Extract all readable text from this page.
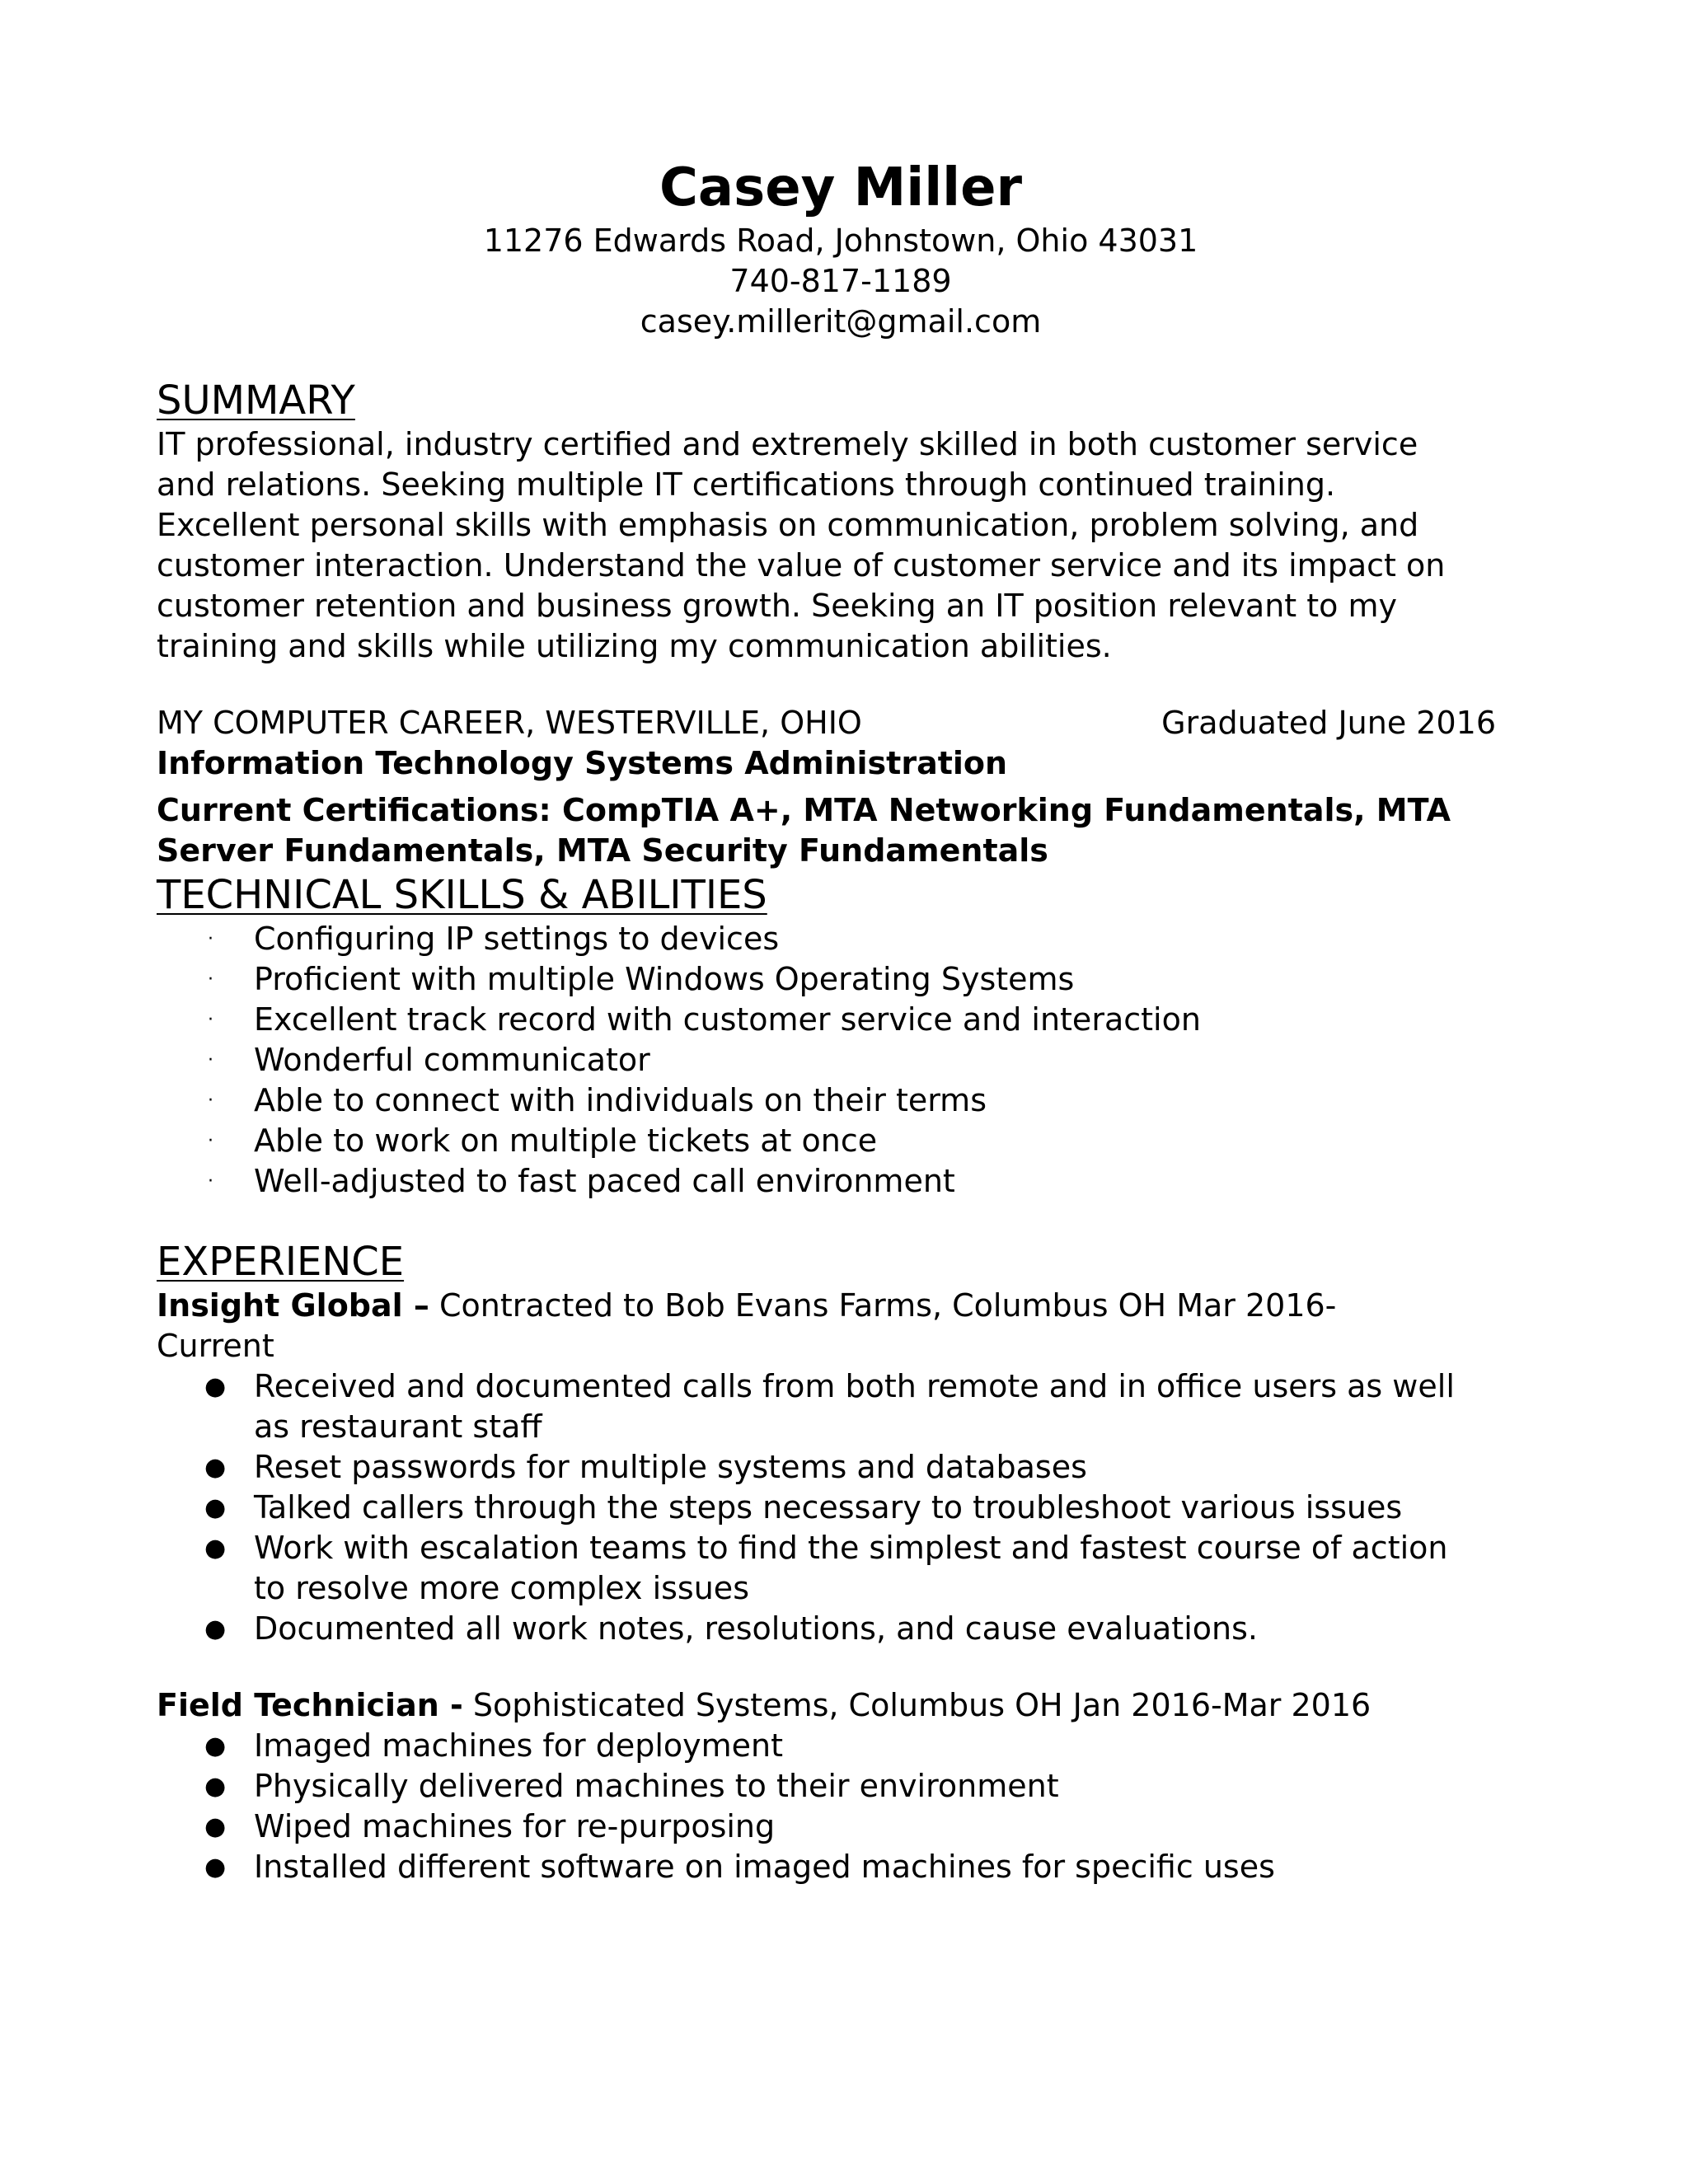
Casey Miller

11276 Edwards Road, Johnstown, Ohio 43031

740-817-1189

casey.millerit@gmail.com

SUMMARY

IT professional, industry certified and extremely skilled in both customer service

and relations. Seeking multiple IT certifications through continued training.

Excellent personal skills with emphasis on communication, problem solving, and

customer interaction. Understand the value of customer service and its impact on

customer retention and business growth. Seeking an IT position relevant to my

training and skills while utilizing my communication abilities.

MY COMPUTER CAREER, WESTERVILLE, OHIO	Graduated June 2016

Information Technology Systems Administration

Current Certifications: CompTIA A+, MTA Networking Fundamentals, MTA

Server Fundamentals, MTA Security Fundamentals

TECHNICAL SKILLS & ABILITIES

· Configuring IP settings to devices
· Proficient with multiple Windows Operating Systems
· Excellent track record with customer service and interaction
· Wonderful communicator
· Able to connect with individuals on their terms
· Able to work on multiple tickets at once
· Well-adjusted to fast paced call environment

EXPERIENCE

Insight Global – Contracted to Bob Evans Farms, Columbus OH Mar 2016-

Current

● Received and documented calls from both remote and in office users as well
as restaurant staff
● Reset passwords for multiple systems and databases
● Talked callers through the steps necessary to troubleshoot various issues
● Work with escalation teams to find the simplest and fastest course of action
to resolve more complex issues
● Documented all work notes, resolutions, and cause evaluations.

Field Technician - Sophisticated Systems, Columbus OH Jan 2016-Mar 2016

● Imaged machines for deployment
● Physically delivered machines to their environment
● Wiped machines for re-purposing
● Installed different software on imaged machines for specific uses
